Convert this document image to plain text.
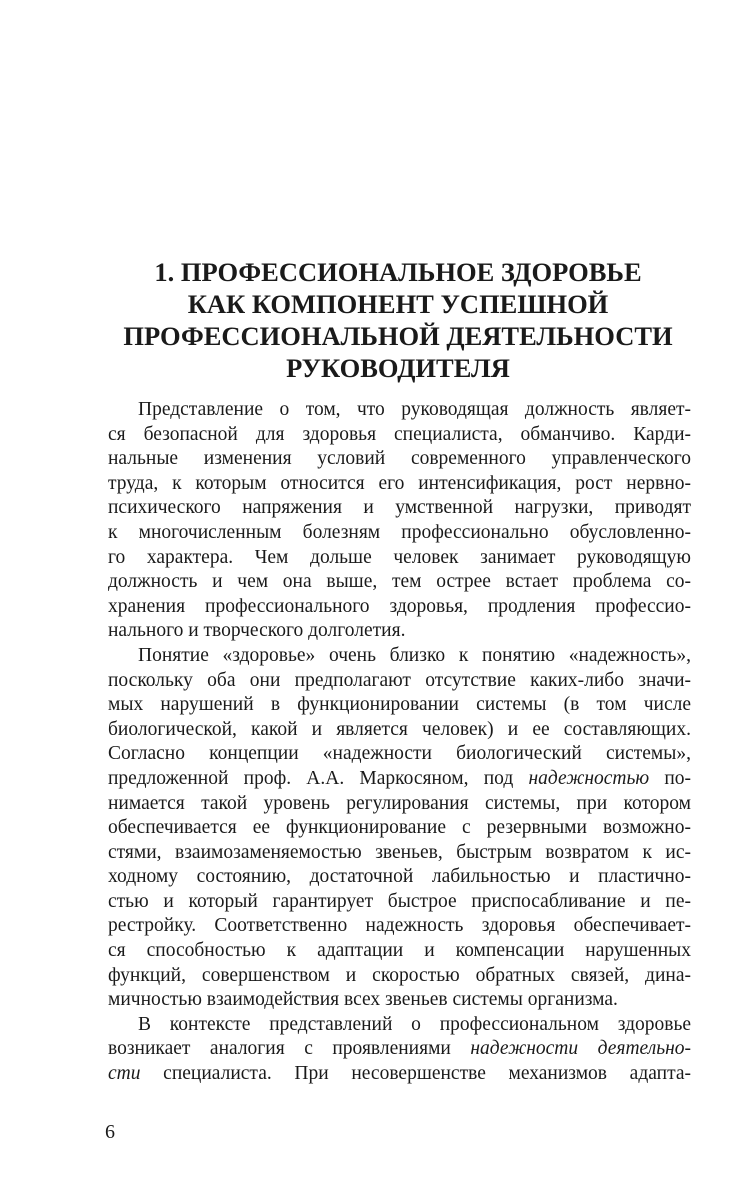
1. ПРОФЕССИОНАЛЬНОЕ ЗДОРОВЬЕ
КАК КОМПОНЕНТ УСПЕШНОЙ
ПРОФЕССИОНАЛЬНОЙ ДЕЯТЕЛЬНОСТИ
РУКОВОДИТЕЛЯ
Представление о том, что руководящая должность являет-
ся безопасной для здоровья специалиста, обманчиво. Карди-
нальные изменения условий современного управленческого
труда, к которым относится его интенсификация, рост нервно-
психического напряжения и умственной нагрузки, приводят
к многочисленным болезням профессионально обусловленно-
го характера. Чем дольше человек занимает руководящую
должность и чем она выше, тем острее встает проблема со-
хранения профессионального здоровья, продления профессио-
нального и творческого долголетия.
Понятие «здоровье» очень близко к понятию «надежность»,
поскольку оба они предполагают отсутствие каких-либо значи-
мых нарушений в функционировании системы (в том числе
биологической, какой и является человек) и ее составляющих.
Согласно концепции «надежности биологический системы»,
предложенной проф. А.А. Маркосяном, под надежностью по-
нимается такой уровень регулирования системы, при котором
обеспечивается ее функционирование с резервными возможно-
стями, взаимозаменяемостью звеньев, быстрым возвратом к ис-
ходному состоянию, достаточной лабильностью и пластично-
стью и который гарантирует быстрое приспосабливание и пе-
рестройку. Соответственно надежность здоровья обеспечивает-
ся способностью к адаптации и компенсации нарушенных
функций, совершенством и скоростью обратных связей, дина-
мичностью взаимодействия всех звеньев системы организма.
В контексте представлений о профессиональном здоровье
возникает аналогия с проявлениями надежности деятельно-
сти специалиста. При несовершенстве механизмов адапта-
6
